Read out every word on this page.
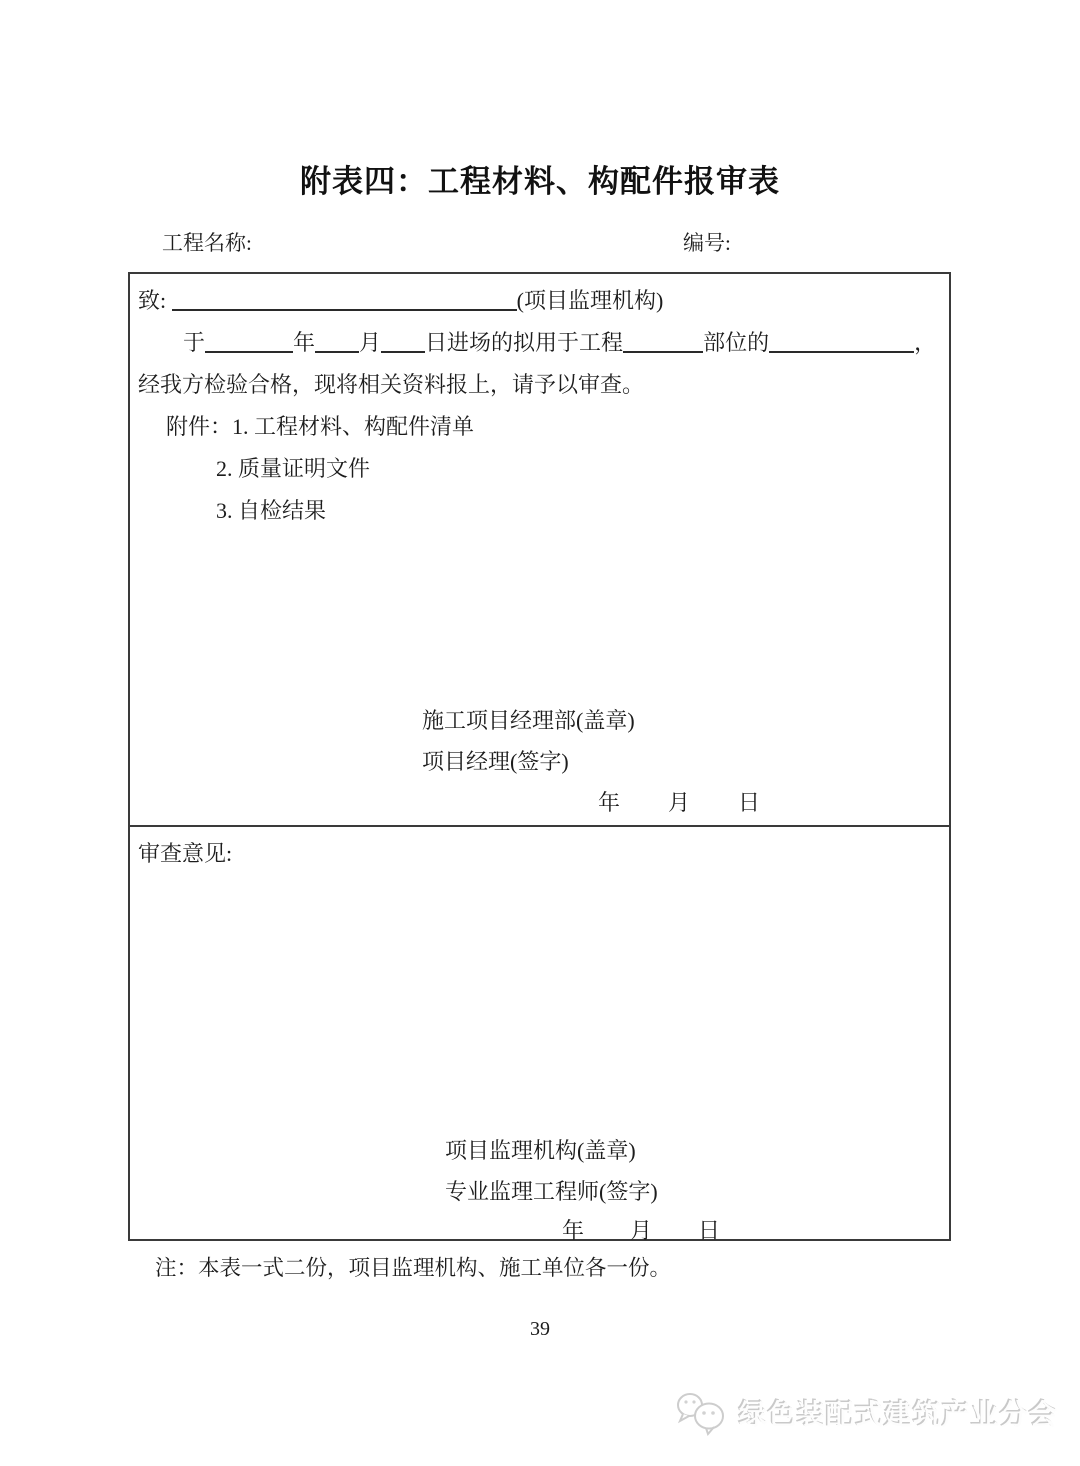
附表四：工程材料、构配件报审表
工程名称:	编号:

致:	(项目监理机构)

于	年 月 日进场的拟用于工程	部位的	，

经我方检验合格，现将相关资料报上，请予以审查。

附件：1. 工程材料、构配件清单

2. 质量证明文件

3. 自检结果

施工项目经理部(盖章)

项目经理(签字)

年 月 日

审查意见:

项目监理机构(盖章)

专业监理工程师(签字)

年 月 日
注：本表一式二份，项目监理机构、施工单位各一份。
39
绿色装配式建筑产业分会
